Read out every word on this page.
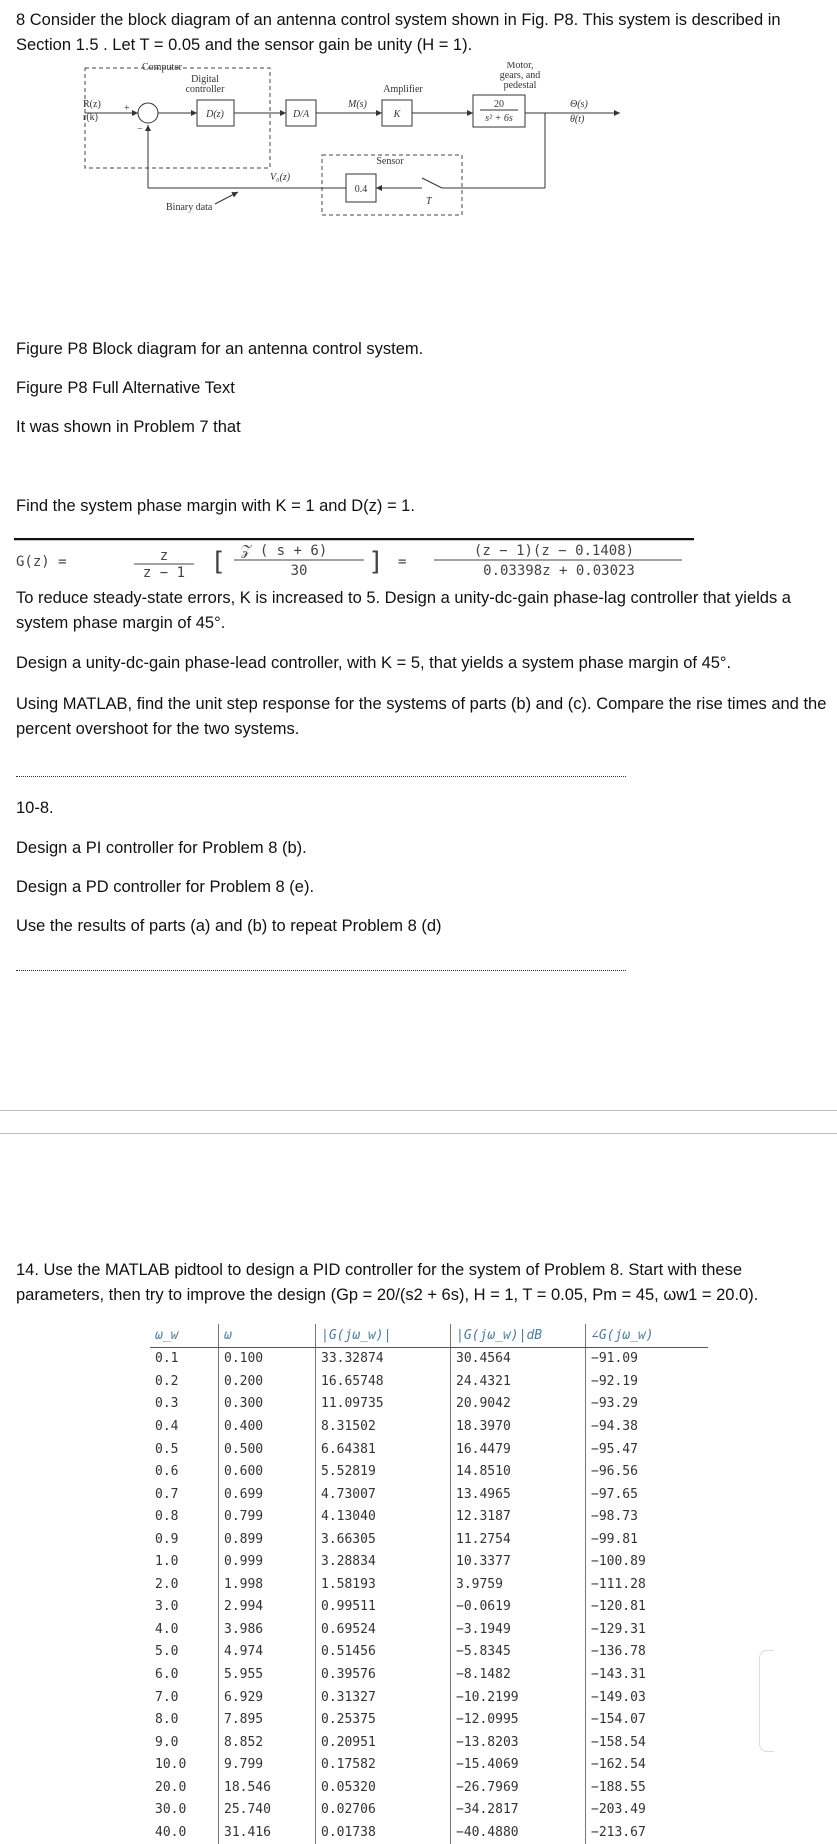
8 Consider the block diagram of an antenna control system shown in Fig. P8. This system is described in Section 1.5 . Let T = 0.05 and the sensor gain be unity (H = 1).
Computer
Digital
controller
Sensor
R(z)
r(k)
+
−
D(z)	D/A
M(s)
Amplifier
K
Motor,
gears, and
pedestal
20
s² + 6s
Θ(s)
θ(t)
T
0.4
V₀(z)
Binary data
Figure P8 Block diagram for an antenna control system.
Figure P8 Full Alternative Text
It was shown in Problem 7 that
Find the system phase margin with K = 1 and D(z) = 1.
G(z) =	z
z − 1 [ 𝒵 ( s + 6)
30 ] =
(z − 1)(z − 0.1408)
0.03398z + 0.03023
To reduce steady-state errors, K is increased to 5. Design a unity-dc-gain phase-lag controller that yields a system phase margin of 45°.
Design a unity-dc-gain phase-lead controller, with K = 5, that yields a system phase margin of 45°.
Using MATLAB, find the unit step response for the systems of parts (b) and (c). Compare the rise times and the percent overshoot for the two systems.
10-8.
Design a PI controller for Problem 8 (b).
Design a PD controller for Problem 8 (e).
Use the results of parts (a) and (b) to repeat Problem 8 (d)
14. Use the MATLAB pidtool to design a PID controller for the system of Problem 8. Start with these parameters, then try to improve the design (Gp = 20/(s2 + 6s), H = 1, T = 0.05, Pm = 45, ωw1 = 20.0).
ω_w	ω	|G(jω_w)|	|G(jω_w)|dB	∠G(jω_w)
0.1	0.100	33.32874	30.4564	−91.09
0.2	0.200	16.65748	24.4321	−92.19
0.3	0.300	11.09735	20.9042	−93.29
0.4	0.400	8.31502	18.3970	−94.38
0.5	0.500	6.64381	16.4479	−95.47
0.6	0.600	5.52819	14.8510	−96.56
0.7	0.699	4.73007	13.4965	−97.65
0.8	0.799	4.13040	12.3187	−98.73
0.9	0.899	3.66305	11.2754	−99.81
1.0	0.999	3.28834	10.3377	−100.89
2.0	1.998	1.58193	3.9759	−111.28
3.0	2.994	0.99511	−0.0619	−120.81
4.0	3.986	0.69524	−3.1949	−129.31
5.0	4.974	0.51456	−5.8345	−136.78
6.0	5.955	0.39576	−8.1482	−143.31
7.0	6.929	0.31327	−10.2199	−149.03
8.0	7.895	0.25375	−12.0995	−154.07
9.0	8.852	0.20951	−13.8203	−158.54
10.0	9.799	0.17582	−15.4069	−162.54
20.0	18.546	0.05320	−26.7969	−188.55
30.0	25.740	0.02706	−34.2817	−203.49
40.0	31.416	0.01738	−40.4880	−213.67
